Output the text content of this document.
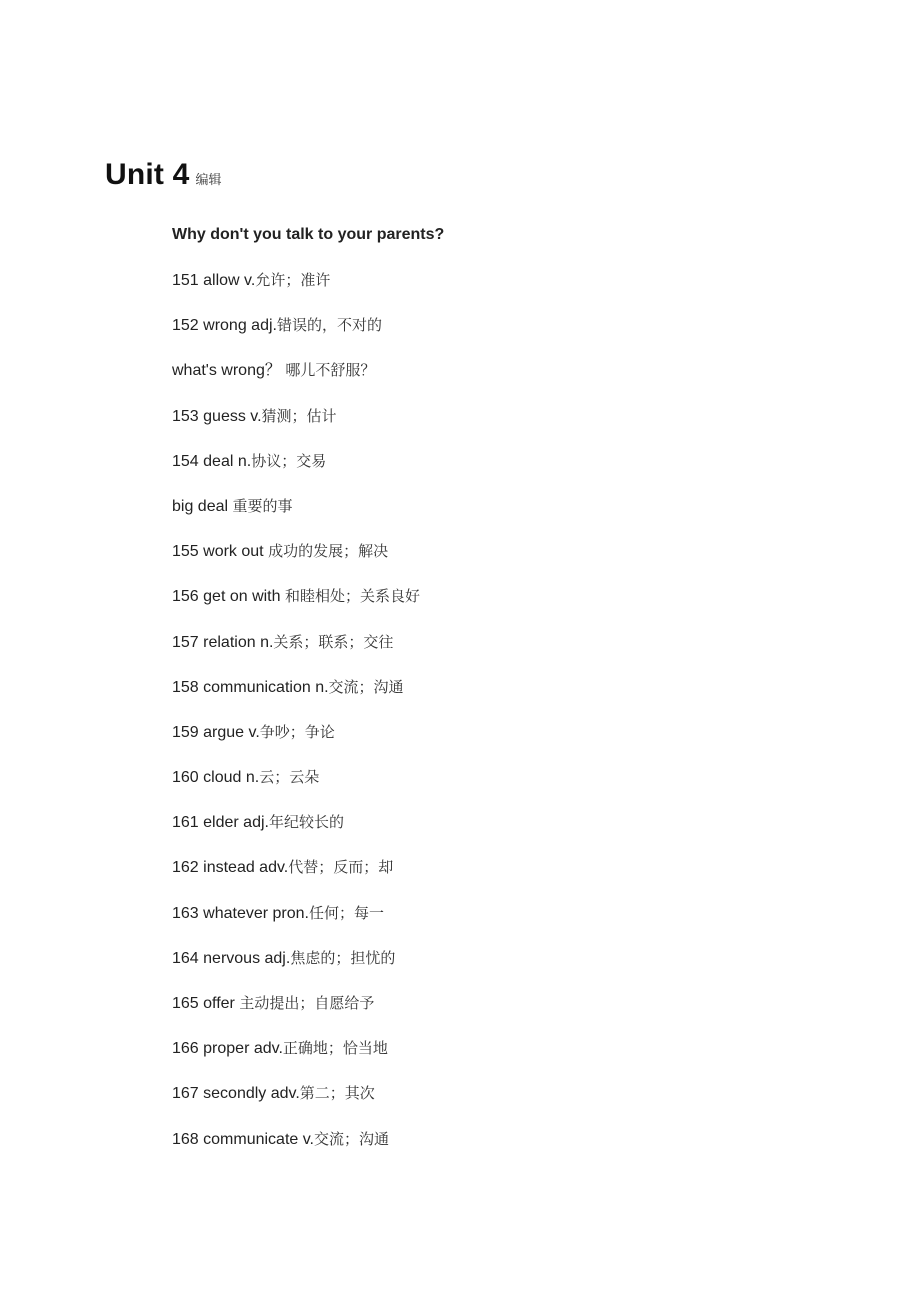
Unit 4 编辑
Why don't you talk to your parents?
151 allow v.允许；准许
152 wrong adj.错误的，不对的
what's wrong？ 哪儿不舒服？
153 guess v.猜测；估计
154 deal n.协议；交易
big deal 重要的事
155 work out 成功的发展；解决
156 get on with 和睦相处；关系良好
157 relation n.关系；联系；交往
158 communication n.交流；沟通
159 argue v.争吵；争论
160 cloud n.云；云朵
161 elder adj.年纪较长的
162 instead adv.代替；反而；却
163 whatever pron.任何；每一
164 nervous adj.焦虑的；担忧的
165 offer 主动提出；自愿给予
166 proper adv.正确地；恰当地
167 secondly adv.第二；其次
168 communicate v.交流；沟通
